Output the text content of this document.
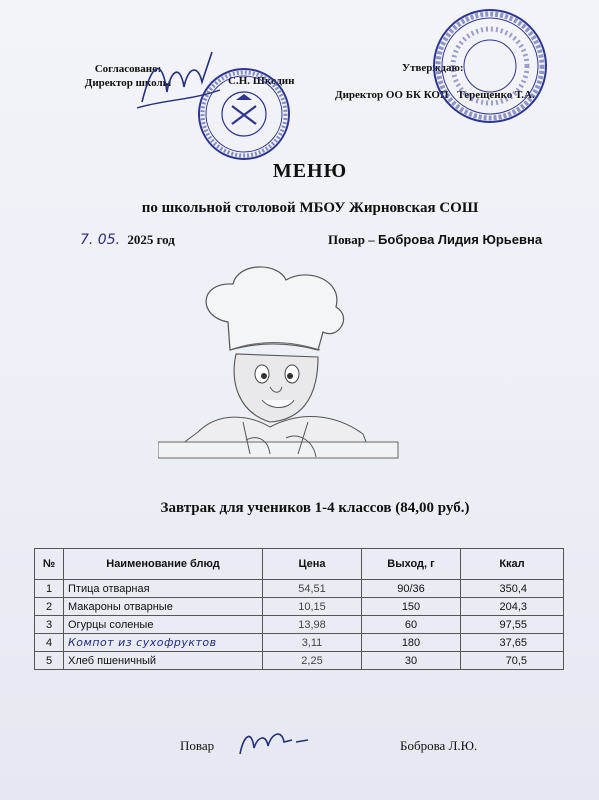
Согласовано:
Директор школы	С.Н. Шкодин
Утверждаю:
Директор ОО БК КОП Терещенко Т.А.
МЕНЮ
по школьной столовой МБОУ Жирновская СОШ
7. 05. 2025 год	Повар – Боброва Лидия Юрьевна
Завтрак для учеников 1-4 классов (84,00 руб.)
№	Наименование блюд	Цена	Выход, г	Ккал
1	Птица отварная	54,51	90/36	350,4
2	Макароны отварные	10,15	150	204,3
3	Огурцы соленые	13,98	60	97,55
4	Компот из сухофруктов	3,11	180	37,65
5	Хлеб пшеничный	2,25	30	70,5
Повар	Боброва Л.Ю.
